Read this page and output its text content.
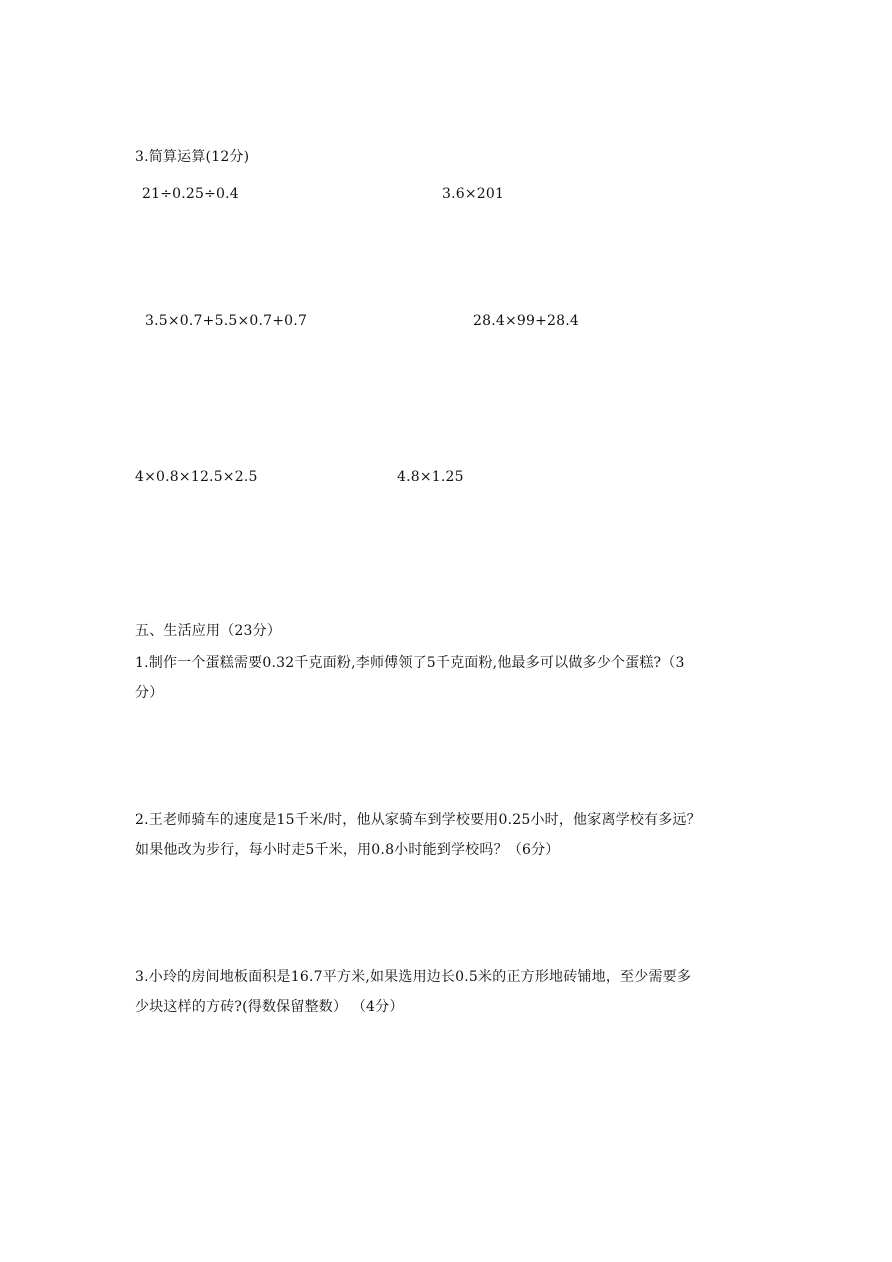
3.简算运算(12分)
21÷0.25÷0.4	3.6×201
3.5×0.7+5.5×0.7+0.7	28.4×99+28.4
4×0.8×12.5×2.5	4.8×1.25
五、生活应用（23分）
1.制作一个蛋糕需要0.32千克面粉,李师傅领了5千克面粉,他最多可以做多少个蛋糕?（3
分）
2.王老师骑车的速度是15千米/时，他从家骑车到学校要用0.25小时，他家离学校有多远？
如果他改为步行，每小时走5千米，用0.8小时能到学校吗？（6分）
3.小玲的房间地板面积是16.7平方米,如果选用边长0.5米的正方形地砖铺地，至少需要多
少块这样的方砖?(得数保留整数） （4分）
